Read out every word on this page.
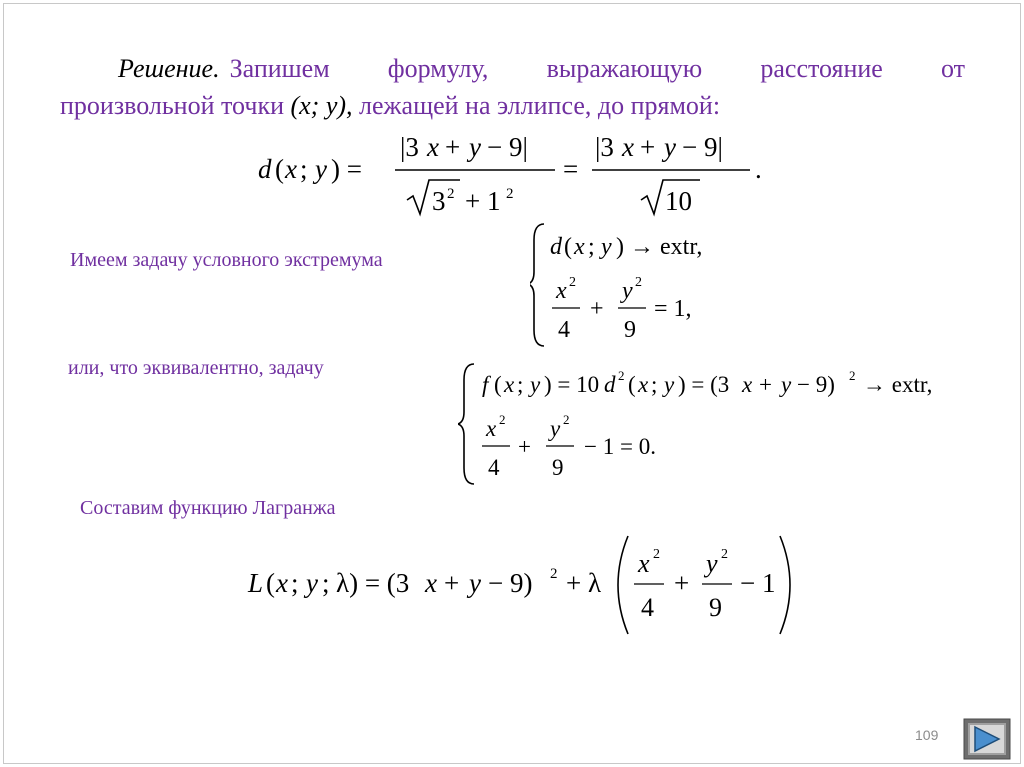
Решение. Запишем формулу, выражающую расстояние от
произвольной точки (x; y), лежащей на эллипсе, до прямой:
d ( x ; y ) =
|3 x + y − 9|
3 2 + 1 2
=
|3 x + y − 9|
10
.
Имеем задачу условного экстремума	d ( x ; y ) → extr,
x 2
4
+
y 2
9
= 1,
или, что эквивалентно, задачу
f ( x ; y ) = 10 d 2 ( x ; y ) = (3 x + y − 9) 2 → extr,
x 2
4
+
y 2
9
− 1 = 0.
Составим функцию Лагранжа
L ( x ; y ; λ) = (3 x + y − 9) 2 + λ
x 2
4
+
y 2
9
− 1
109
